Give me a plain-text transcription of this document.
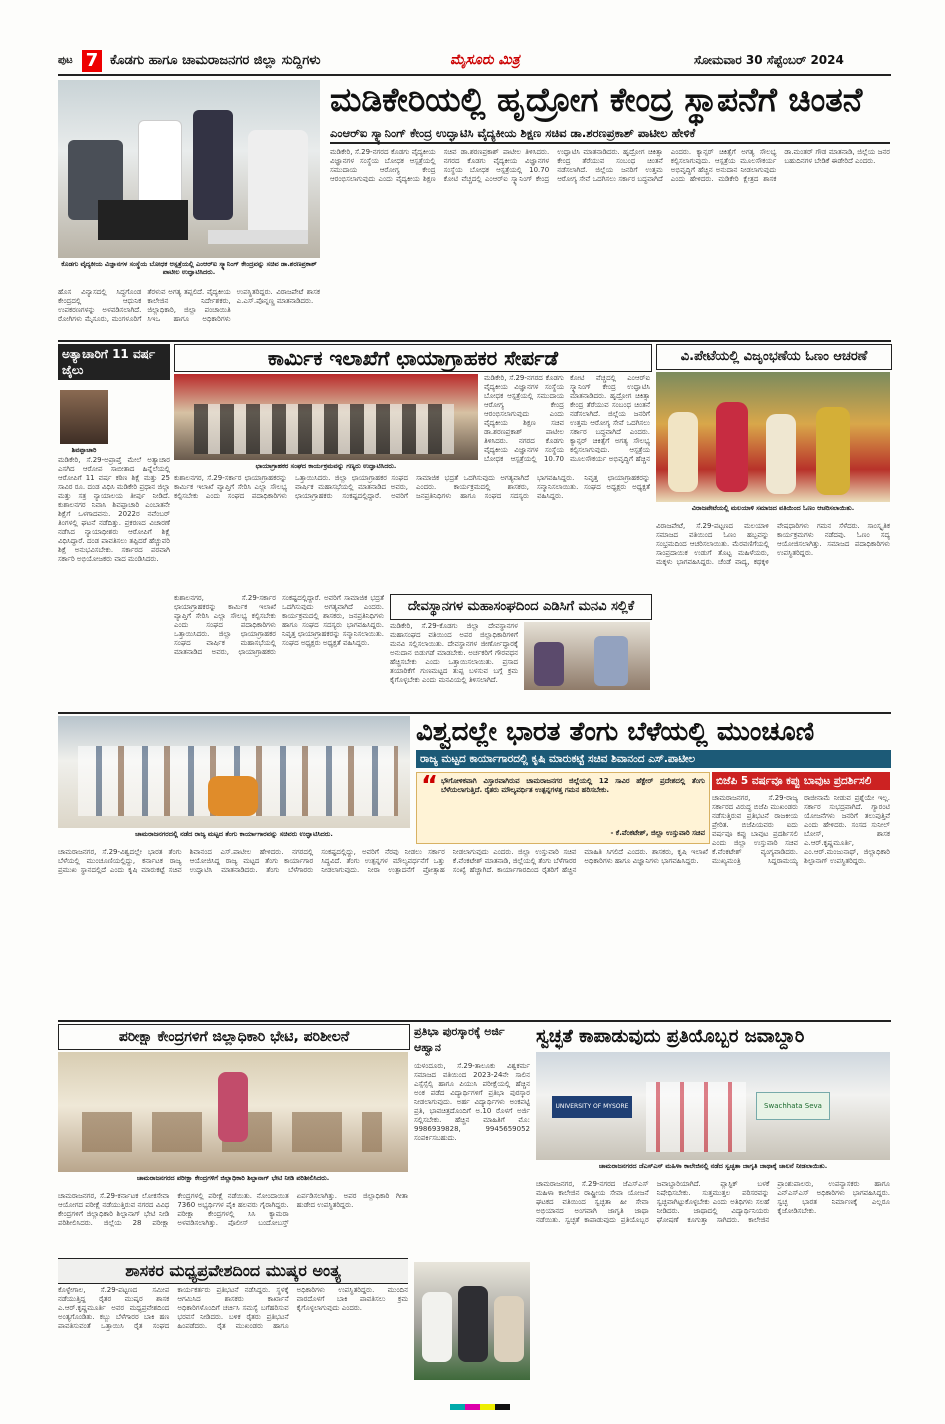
ಪುಟ 7 ಕೊಡಗು ಹಾಗೂ ಚಾಮರಾಜನಗರ ಜಿಲ್ಲಾ ಸುದ್ದಿಗಳು	ಮೈಸೂರು ಮಿತ್ರ	ಸೋಮವಾರ 30 ಸೆಪ್ಟೆಂಬರ್ 2024
ಕೊಡಗು ವೈದ್ಯಕೀಯ ವಿಜ್ಞಾನಗಳ ಸಂಸ್ಥೆಯ ಬೋಧಕ ಆಸ್ಪತ್ರೆಯಲ್ಲಿ ಎಂಆರ್‌ಐ ಸ್ಕ್ಯಾನಿಂಗ್ ಕೇಂದ್ರವನ್ನು ಸಚಿವ ಡಾ.ಶರಣಪ್ರಕಾಶ್ ಪಾಟೀಲ ಉದ್ಘಾಟಿಸಿದರು.
ಮಡಿಕೇರಿಯಲ್ಲಿ ಹೃದ್ರೋಗ ಕೇಂದ್ರ ಸ್ಥಾಪನೆಗೆ ಚಿಂತನೆ
ಎಂಆರ್‌ಐ ಸ್ಕ್ಯಾನಿಂಗ್ ಕೇಂದ್ರ ಉದ್ಘಾಟಿಸಿ ವೈದ್ಯಕೀಯ ಶಿಕ್ಷಣ ಸಚಿವ ಡಾ.ಶರಣಪ್ರಕಾಶ್ ಪಾಟೀಲ ಹೇಳಿಕೆ
ಮಡಿಕೇರಿ, ಸೆ.29-ನಗರದ ಕೊಡಗು ವೈದ್ಯಕೀಯ ವಿಜ್ಞಾನಗಳ ಸಂಸ್ಥೆಯ ಬೋಧಕ ಆಸ್ಪತ್ರೆಯಲ್ಲಿ ಸಮುದಾಯ ಆರೋಗ್ಯ ಕೇಂದ್ರ ಆರಂಭಿಸಲಾಗುವುದು ಎಂದು ವೈದ್ಯಕೀಯ ಶಿಕ್ಷಣ ಸಚಿವ ಡಾ.ಶರಣಪ್ರಕಾಶ್ ಪಾಟೀಲ ತಿಳಿಸಿದರು. ನಗರದ ಕೊಡಗು ವೈದ್ಯಕೀಯ ವಿಜ್ಞಾನಗಳ ಸಂಸ್ಥೆಯ ಬೋಧಕ ಆಸ್ಪತ್ರೆಯಲ್ಲಿ 10.70 ಕೋಟಿ ವೆಚ್ಚದಲ್ಲಿ ಎಂಆರ್‌ಐ ಸ್ಕ್ಯಾನಿಂಗ್ ಕೇಂದ್ರ ಉದ್ಘಾಟಿಸಿ ಮಾತನಾಡಿದರು. ಹೃದ್ರೋಗ ಚಿಕಿತ್ಸಾ ಕೇಂದ್ರ ತೆರೆಯುವ ಸಂಬಂಧ ಚಿಂತನೆ ನಡೆಸಲಾಗಿದೆ. ಜಿಲ್ಲೆಯ ಜನರಿಗೆ ಉತ್ತಮ ಆರೋಗ್ಯ ಸೇವೆ ಒದಗಿಸಲು ಸರ್ಕಾರ ಬದ್ಧವಾಗಿದೆ ಎಂದರು. ಕ್ಯಾನ್ಸರ್ ಚಿಕಿತ್ಸೆಗೆ ಅಗತ್ಯ ಸೌಲಭ್ಯ ಕಲ್ಪಿಸಲಾಗುವುದು. ಆಸ್ಪತ್ರೆಯ ಮೂಲಸೌಕರ್ಯ ಅಭಿವೃದ್ಧಿಗೆ ಹೆಚ್ಚಿನ ಅನುದಾನ ನೀಡಲಾಗುವುದು ಎಂದು ಹೇಳಿದರು. ಮಡಿಕೇರಿ ಕ್ಷೇತ್ರದ ಶಾಸಕ ಡಾ.ಮಂತರ್ ಗೌಡ ಮಾತನಾಡಿ, ಜಿಲ್ಲೆಯ ಜನರ ಬಹುದಿನಗಳ ಬೇಡಿಕೆ ಈಡೇರಿದೆ ಎಂದರು.
ಹೊಸ ವಿನ್ಯಾಸದಲ್ಲಿ ಸಿದ್ಧಗೊಂಡ ಕೇಂದ್ರದಲ್ಲಿ ಆಧುನಿಕ ಉಪಕರಣಗಳನ್ನು ಅಳವಡಿಸಲಾಗಿದೆ. ರೋಗಿಗಳು ಮೈಸೂರು, ಮಂಗಳೂರಿಗೆ ತೆರಳುವ ಅಗತ್ಯ ತಪ್ಪಲಿದೆ. ವೈದ್ಯಕೀಯ ಕಾಲೇಜಿನ ನಿರ್ದೇಶಕರು, ಜಿಲ್ಲಾಧಿಕಾರಿ, ಜಿಲ್ಲಾ ಪಂಚಾಯಿತಿ ಸಿಇಒ ಹಾಗೂ ಅಧಿಕಾರಿಗಳು ಉಪಸ್ಥಿತರಿದ್ದರು. ವಿರಾಜಪೇಟೆ ಶಾಸಕ ಎ.ಎಸ್.ಪೊನ್ನಣ್ಣ ಮಾತನಾಡಿದರು.
ಅತ್ಯಾಚಾರಿಗೆ 11 ವರ್ಷ ಜೈಲು
ಶಿವಪ್ಪಾಚಾರಿ
ಮಡಿಕೇರಿ, ಸೆ.29-ಅಪ್ರಾಪ್ತೆ ಮೇಲೆ ಅತ್ಯಾಚಾರ ಎಸಗಿದ ಆರೋಪ ಸಾಬೀತಾದ ಹಿನ್ನೆಲೆಯಲ್ಲಿ ಆರೋಪಿಗೆ 11 ವರ್ಷ ಕಠಿಣ ಶಿಕ್ಷೆ ಮತ್ತು 25 ಸಾವಿರ ರೂ. ದಂಡ ವಿಧಿಸಿ ಮಡಿಕೇರಿ ಪ್ರಧಾನ ಜಿಲ್ಲಾ ಮತ್ತು ಸತ್ರ ನ್ಯಾಯಾಲಯ ತೀರ್ಪು ನೀಡಿದೆ. ಕುಶಾಲನಗರ ನಿವಾಸಿ ಶಿವಪ್ಪಾಚಾರಿ ಎಂಬಾತನೇ ಶಿಕ್ಷೆಗೆ ಒಳಗಾದವನು. 2022ರ ನವೆಂಬರ್ ತಿಂಗಳಲ್ಲಿ ಘಟನೆ ನಡೆದಿತ್ತು. ಪ್ರಕರಣದ ವಿಚಾರಣೆ ನಡೆಸಿದ ನ್ಯಾಯಾಧೀಶರು ಆರೋಪಿಗೆ ಶಿಕ್ಷೆ ವಿಧಿಸಿದ್ದಾರೆ. ದಂಡ ಪಾವತಿಸಲು ತಪ್ಪಿದರೆ ಹೆಚ್ಚುವರಿ ಶಿಕ್ಷೆ ಅನುಭವಿಸಬೇಕು. ಸರ್ಕಾರದ ಪರವಾಗಿ ಸರ್ಕಾರಿ ಅಭಿಯೋಜಕರು ವಾದ ಮಂಡಿಸಿದರು.
ಕಾರ್ಮಿಕ ಇಲಾಖೆಗೆ ಛಾಯಾಗ್ರಾಹಕರ ಸೇರ್ಪಡೆ
ಛಾಯಾಗ್ರಾಹಕರ ಸಂಘದ ಕಾರ್ಯಕ್ರಮವನ್ನು ಗಣ್ಯರು ಉದ್ಘಾಟಿಸಿದರು.
ಕುಶಾಲನಗರ, ಸೆ.29-ಸರ್ಕಾರ ಛಾಯಾಗ್ರಾಹಕರನ್ನು ಕಾರ್ಮಿಕ ಇಲಾಖೆ ವ್ಯಾಪ್ತಿಗೆ ಸೇರಿಸಿ ಎಲ್ಲಾ ಸೌಲಭ್ಯ ಕಲ್ಪಿಸಬೇಕು ಎಂದು ಸಂಘದ ಪದಾಧಿಕಾರಿಗಳು ಒತ್ತಾಯಿಸಿದರು. ಜಿಲ್ಲಾ ಛಾಯಾಗ್ರಾಹಕರ ಸಂಘದ ವಾರ್ಷಿಕ ಮಹಾಸಭೆಯಲ್ಲಿ ಮಾತನಾಡಿದ ಅವರು, ಛಾಯಾಗ್ರಾಹಕರು ಸಂಕಷ್ಟದಲ್ಲಿದ್ದಾರೆ. ಅವರಿಗೆ ಸಾಮಾಜಿಕ ಭದ್ರತೆ ಒದಗಿಸುವುದು ಅಗತ್ಯವಾಗಿದೆ ಎಂದರು. ಕಾರ್ಯಕ್ರಮದಲ್ಲಿ ಶಾಸಕರು, ಜನಪ್ರತಿನಿಧಿಗಳು ಹಾಗೂ ಸಂಘದ ಸದಸ್ಯರು ಭಾಗವಹಿಸಿದ್ದರು. ನಿವೃತ್ತ ಛಾಯಾಗ್ರಾಹಕರನ್ನು ಸನ್ಮಾನಿಸಲಾಯಿತು. ಸಂಘದ ಅಧ್ಯಕ್ಷರು ಅಧ್ಯಕ್ಷತೆ ವಹಿಸಿದ್ದರು.
ಮಡಿಕೇರಿ, ಸೆ.29-ನಗರದ ಕೊಡಗು ವೈದ್ಯಕೀಯ ವಿಜ್ಞಾನಗಳ ಸಂಸ್ಥೆಯ ಬೋಧಕ ಆಸ್ಪತ್ರೆಯಲ್ಲಿ ಸಮುದಾಯ ಆರೋಗ್ಯ ಕೇಂದ್ರ ಆರಂಭಿಸಲಾಗುವುದು ಎಂದು ವೈದ್ಯಕೀಯ ಶಿಕ್ಷಣ ಸಚಿವ ಡಾ.ಶರಣಪ್ರಕಾಶ್ ಪಾಟೀಲ ತಿಳಿಸಿದರು. ನಗರದ ಕೊಡಗು ವೈದ್ಯಕೀಯ ವಿಜ್ಞಾನಗಳ ಸಂಸ್ಥೆಯ ಬೋಧಕ ಆಸ್ಪತ್ರೆಯಲ್ಲಿ 10.70 ಕೋಟಿ ವೆಚ್ಚದಲ್ಲಿ ಎಂಆರ್‌ಐ ಸ್ಕ್ಯಾನಿಂಗ್ ಕೇಂದ್ರ ಉದ್ಘಾಟಿಸಿ ಮಾತನಾಡಿದರು. ಹೃದ್ರೋಗ ಚಿಕಿತ್ಸಾ ಕೇಂದ್ರ ತೆರೆಯುವ ಸಂಬಂಧ ಚಿಂತನೆ ನಡೆಸಲಾಗಿದೆ. ಜಿಲ್ಲೆಯ ಜನರಿಗೆ ಉತ್ತಮ ಆರೋಗ್ಯ ಸೇವೆ ಒದಗಿಸಲು ಸರ್ಕಾರ ಬದ್ಧವಾಗಿದೆ ಎಂದರು. ಕ್ಯಾನ್ಸರ್ ಚಿಕಿತ್ಸೆಗೆ ಅಗತ್ಯ ಸೌಲಭ್ಯ ಕಲ್ಪಿಸಲಾಗುವುದು. ಆಸ್ಪತ್ರೆಯ ಮೂಲಸೌಕರ್ಯ ಅಭಿವೃದ್ಧಿಗೆ ಹೆಚ್ಚಿನ
ವಿ.ಪೇಟೆಯಲ್ಲಿ ವಿಜೃಂಭಣೆಯ ಓಣಂ ಆಚರಣೆ
ವಿರಾಜಪೇಟೆಯಲ್ಲಿ ಮಲಯಾಳಿ ಸಮಾಜದ ವತಿಯಿಂದ ಓಣಂ ಆಚರಿಸಲಾಯಿತು.
ವಿರಾಜಪೇಟೆ, ಸೆ.29-ಪಟ್ಟಣದ ಮಲಯಾಳಿ ಸಮಾಜದ ವತಿಯಿಂದ ಓಣಂ ಹಬ್ಬವನ್ನು ಸಂಭ್ರಮದಿಂದ ಆಚರಿಸಲಾಯಿತು. ಮೆರವಣಿಗೆಯಲ್ಲಿ ಸಾಂಪ್ರದಾಯಿಕ ಉಡುಗೆ ತೊಟ್ಟ ಮಹಿಳೆಯರು, ಮಕ್ಕಳು ಭಾಗವಹಿಸಿದ್ದರು. ಚೆಂಡೆ ವಾದ್ಯ, ಕಥಕ್ಕಳಿ ವೇಷಧಾರಿಗಳು ಗಮನ ಸೆಳೆದರು. ಸಾಂಸ್ಕೃತಿಕ ಕಾರ್ಯಕ್ರಮಗಳು ನಡೆದವು. ಓಣಂ ಸದ್ಯ ಆಯೋಜಿಸಲಾಗಿತ್ತು. ಸಮಾಜದ ಪದಾಧಿಕಾರಿಗಳು ಉಪಸ್ಥಿತರಿದ್ದರು.
ದೇವಸ್ಥಾನಗಳ ಮಹಾಸಂಘದಿಂದ ಎಡಿಸಿಗೆ ಮನವಿ ಸಲ್ಲಿಕೆ
ಮಡಿಕೇರಿ, ಸೆ.29-ಕೊಡಗು ಜಿಲ್ಲಾ ದೇವಸ್ಥಾನಗಳ ಮಹಾಸಂಘದ ವತಿಯಿಂದ ಅಪರ ಜಿಲ್ಲಾಧಿಕಾರಿಗಳಿಗೆ ಮನವಿ ಸಲ್ಲಿಸಲಾಯಿತು. ದೇವಸ್ಥಾನಗಳ ಜೀರ್ಣೋದ್ಧಾರಕ್ಕೆ ಅನುದಾನ ಬಿಡುಗಡೆ ಮಾಡಬೇಕು. ಅರ್ಚಕರಿಗೆ ಗೌರವಧನ ಹೆಚ್ಚಿಸಬೇಕು ಎಂದು ಒತ್ತಾಯಿಸಲಾಯಿತು. ಪ್ರಸಾದ ತಯಾರಿಕೆಗೆ ಗುಣಮಟ್ಟದ ತುಪ್ಪ ಬಳಸುವ ಬಗ್ಗೆ ಕ್ರಮ ಕೈಗೊಳ್ಳಬೇಕು ಎಂದು ಮನವಿಯಲ್ಲಿ ತಿಳಿಸಲಾಗಿದೆ.
ಕುಶಾಲನಗರ, ಸೆ.29-ಸರ್ಕಾರ ಛಾಯಾಗ್ರಾಹಕರನ್ನು ಕಾರ್ಮಿಕ ಇಲಾಖೆ ವ್ಯಾಪ್ತಿಗೆ ಸೇರಿಸಿ ಎಲ್ಲಾ ಸೌಲಭ್ಯ ಕಲ್ಪಿಸಬೇಕು ಎಂದು ಸಂಘದ ಪದಾಧಿಕಾರಿಗಳು ಒತ್ತಾಯಿಸಿದರು. ಜಿಲ್ಲಾ ಛಾಯಾಗ್ರಾಹಕರ ಸಂಘದ ವಾರ್ಷಿಕ ಮಹಾಸಭೆಯಲ್ಲಿ ಮಾತನಾಡಿದ ಅವರು, ಛಾಯಾಗ್ರಾಹಕರು ಸಂಕಷ್ಟದಲ್ಲಿದ್ದಾರೆ. ಅವರಿಗೆ ಸಾಮಾಜಿಕ ಭದ್ರತೆ ಒದಗಿಸುವುದು ಅಗತ್ಯವಾಗಿದೆ ಎಂದರು. ಕಾರ್ಯಕ್ರಮದಲ್ಲಿ ಶಾಸಕರು, ಜನಪ್ರತಿನಿಧಿಗಳು ಹಾಗೂ ಸಂಘದ ಸದಸ್ಯರು ಭಾಗವಹಿಸಿದ್ದರು. ನಿವೃತ್ತ ಛಾಯಾಗ್ರಾಹಕರನ್ನು ಸನ್ಮಾನಿಸಲಾಯಿತು. ಸಂಘದ ಅಧ್ಯಕ್ಷರು ಅಧ್ಯಕ್ಷತೆ ವಹಿಸಿದ್ದರು.
ಚಾಮರಾಜನಗರದಲ್ಲಿ ನಡೆದ ರಾಜ್ಯ ಮಟ್ಟದ ತೆಂಗು ಕಾರ್ಯಾಗಾರವನ್ನು ಸಚಿವರು ಉದ್ಘಾಟಿಸಿದರು.
ವಿಶ್ವದಲ್ಲೇ ಭಾರತ ತೆಂಗು ಬೆಳೆಯಲ್ಲಿ ಮುಂಚೂಣಿ
ರಾಜ್ಯ ಮಟ್ಟದ ಕಾರ್ಯಾಗಾರದಲ್ಲಿ ಕೃಷಿ ಮಾರುಕಟ್ಟೆ ಸಚಿವ ಶಿವಾನಂದ ಎಸ್.ಪಾಟೀಲ
“ ಭೌಗೋಳಿಕವಾಗಿ ವಿಸ್ತಾರವಾಗಿರುವ ಚಾಮರಾಜನಗರ ಜಿಲ್ಲೆಯಲ್ಲಿ 12 ಸಾವಿರ ಹೆಕ್ಟೇರ್ ಪ್ರದೇಶದಲ್ಲಿ ತೆಂಗು ಬೆಳೆಯಲಾಗುತ್ತಿದೆ. ರೈತರು ಮೌಲ್ಯವರ್ಧಿತ ಉತ್ಪನ್ನಗಳತ್ತ ಗಮನ ಹರಿಸಬೇಕು.
- ಕೆ.ವೆಂಕಟೇಶ್, ಜಿಲ್ಲಾ ಉಸ್ತುವಾರಿ ಸಚಿವ
ಚಾಮರಾಜನಗರ, ಸೆ.29-ವಿಶ್ವದಲ್ಲೇ ಭಾರತ ತೆಂಗು ಬೆಳೆಯಲ್ಲಿ ಮುಂಚೂಣಿಯಲ್ಲಿದ್ದು, ಕರ್ನಾಟಕ ರಾಜ್ಯ ಪ್ರಮುಖ ಸ್ಥಾನದಲ್ಲಿದೆ ಎಂದು ಕೃಷಿ ಮಾರುಕಟ್ಟೆ ಸಚಿವ ಶಿವಾನಂದ ಎಸ್.ಪಾಟೀಲ ಹೇಳಿದರು. ನಗರದಲ್ಲಿ ಆಯೋಜಿಸಿದ್ದ ರಾಜ್ಯ ಮಟ್ಟದ ತೆಂಗು ಕಾರ್ಯಾಗಾರ ಉದ್ಘಾಟಿಸಿ ಮಾತನಾಡಿದರು. ತೆಂಗು ಬೆಳೆಗಾರರು ಸಂಕಷ್ಟದಲ್ಲಿದ್ದು, ಅವರಿಗೆ ನೆರವು ನೀಡಲು ಸರ್ಕಾರ ಸಿದ್ಧವಿದೆ. ತೆಂಗು ಉತ್ಪನ್ನಗಳ ಮೌಲ್ಯವರ್ಧನೆಗೆ ಒತ್ತು ನೀಡಲಾಗುವುದು. ನೀರಾ ಉತ್ಪಾದನೆಗೆ ಪ್ರೋತ್ಸಾಹ ನೀಡಲಾಗುವುದು ಎಂದರು. ಜಿಲ್ಲಾ ಉಸ್ತುವಾರಿ ಸಚಿವ ಕೆ.ವೆಂಕಟೇಶ್ ಮಾತನಾಡಿ, ಜಿಲ್ಲೆಯಲ್ಲಿ ತೆಂಗು ಬೆಳೆಗಾರರ ಸಂಖ್ಯೆ ಹೆಚ್ಚಾಗಿದೆ. ಕಾರ್ಯಾಗಾರದಿಂದ ರೈತರಿಗೆ ಹೆಚ್ಚಿನ ಮಾಹಿತಿ ಸಿಗಲಿದೆ ಎಂದರು. ಶಾಸಕರು, ಕೃಷಿ ಇಲಾಖೆ ಅಧಿಕಾರಿಗಳು ಹಾಗೂ ವಿಜ್ಞಾನಿಗಳು ಭಾಗವಹಿಸಿದ್ದರು.
ಬಿಜೆಪಿ 5 ವರ್ಷವೂ ಕಪ್ಪು ಬಾವುಟ ಪ್ರದರ್ಶಿಸಲಿ
ಚಾಮರಾಜನಗರ, ಸೆ.29-ರಾಜ್ಯ ಸರ್ಕಾರದ ವಿರುದ್ಧ ಬಿಜೆಪಿ ಮುಖಂಡರು ನಡೆಸುತ್ತಿರುವ ಪ್ರತಿಭಟನೆ ರಾಜಕೀಯ ಪ್ರೇರಿತ. ಬಿಜೆಪಿಯವರು ಐದು ವರ್ಷವೂ ಕಪ್ಪು ಬಾವುಟ ಪ್ರದರ್ಶಿಸಲಿ ಎಂದು ಜಿಲ್ಲಾ ಉಸ್ತುವಾರಿ ಸಚಿವ ಕೆ.ವೆಂಕಟೇಶ್ ವ್ಯಂಗ್ಯವಾಡಿದರು. ಮುಖ್ಯಮಂತ್ರಿ ಸಿದ್ದರಾಮಯ್ಯ ರಾಜೀನಾಮೆ ನೀಡುವ ಪ್ರಶ್ನೆಯೇ ಇಲ್ಲ. ಸರ್ಕಾರ ಸುಭದ್ರವಾಗಿದೆ. ಗ್ಯಾರಂಟಿ ಯೋಜನೆಗಳು ಜನರಿಗೆ ತಲುಪುತ್ತಿವೆ ಎಂದು ಹೇಳಿದರು. ಸಂಸದ ಸುನೀಲ್ ಬೋಸ್, ಶಾಸಕ ಎ.ಆರ್.ಕೃಷ್ಣಮೂರ್ತಿ, ಎಂ.ಆರ್.ಮಂಜುನಾಥ್, ಜಿಲ್ಲಾಧಿಕಾರಿ ಶಿಲ್ಪಾನಾಗ್ ಉಪಸ್ಥಿತರಿದ್ದರು.
ಪರೀಕ್ಷಾ ಕೇಂದ್ರಗಳಿಗೆ ಜಿಲ್ಲಾಧಿಕಾರಿ ಭೇಟಿ, ಪರಿಶೀಲನೆ
ಚಾಮರಾಜನಗರದ ಪರೀಕ್ಷಾ ಕೇಂದ್ರಗಳಿಗೆ ಜಿಲ್ಲಾಧಿಕಾರಿ ಶಿಲ್ಪಾನಾಗ್ ಭೇಟಿ ನೀಡಿ ಪರಿಶೀಲಿಸಿದರು.
ಚಾಮರಾಜನಗರ, ಸೆ.29-ಕರ್ನಾಟಕ ಲೋಕಸೇವಾ ಆಯೋಗದ ಪರೀಕ್ಷೆ ನಡೆಯುತ್ತಿರುವ ನಗರದ ವಿವಿಧ ಕೇಂದ್ರಗಳಿಗೆ ಜಿಲ್ಲಾಧಿಕಾರಿ ಶಿಲ್ಪಾನಾಗ್ ಭೇಟಿ ನೀಡಿ ಪರಿಶೀಲಿಸಿದರು. ಜಿಲ್ಲೆಯ 28 ಪರೀಕ್ಷಾ ಕೇಂದ್ರಗಳಲ್ಲಿ ಪರೀಕ್ಷೆ ನಡೆಯಿತು. ನೋಂದಾಯಿತ 7360 ಅಭ್ಯರ್ಥಿಗಳ ಪೈಕಿ ಹಲವರು ಗೈರಾಗಿದ್ದರು. ಪರೀಕ್ಷಾ ಕೇಂದ್ರಗಳಲ್ಲಿ ಸಿಸಿ ಕ್ಯಾಮರಾ ಅಳವಡಿಸಲಾಗಿತ್ತು. ಪೊಲೀಸ್ ಬಂದೋಬಸ್ತ್ ಏರ್ಪಡಿಸಲಾಗಿತ್ತು. ಅಪರ ಜಿಲ್ಲಾಧಿಕಾರಿ ಗೀತಾ ಹುಡೇದ ಉಪಸ್ಥಿತರಿದ್ದರು.
ಪ್ರತಿಭಾ ಪುರಸ್ಕಾರಕ್ಕೆ ಅರ್ಜಿ ಆಹ್ವಾನ
ಯಳಂದೂರು, ಸೆ.29-ತಾಲೂಕು ವಿಶ್ವಕರ್ಮ ಸಮಾಜದ ವತಿಯಿಂದ 2023-24ನೇ ಸಾಲಿನ ಎಸ್ಸೆಸ್ಸೆಲ್ಸಿ ಹಾಗೂ ಪಿಯುಸಿ ಪರೀಕ್ಷೆಯಲ್ಲಿ ಹೆಚ್ಚಿನ ಅಂಕ ಪಡೆದ ವಿದ್ಯಾರ್ಥಿಗಳಿಗೆ ಪ್ರತಿಭಾ ಪುರಸ್ಕಾರ ನೀಡಲಾಗುವುದು. ಅರ್ಹ ವಿದ್ಯಾರ್ಥಿಗಳು ಅಂಕಪಟ್ಟಿ ಪ್ರತಿ, ಭಾವಚಿತ್ರದೊಂದಿಗೆ ಅ.10 ರೊಳಗೆ ಅರ್ಜಿ ಸಲ್ಲಿಸಬೇಕು. ಹೆಚ್ಚಿನ ಮಾಹಿತಿಗೆ ಮೊ: 9986939828, 9945659052 ಸಂಪರ್ಕಿಸಬಹುದು.
ಸ್ವಚ್ಛತೆ ಕಾಪಾಡುವುದು ಪ್ರತಿಯೊಬ್ಬರ ಜವಾಬ್ದಾರಿ
UNIVERSITY OF MYSORE	Swachhata Seva
ಚಾಮರಾಜನಗರದ ಜೆಎಸ್‌ಎಸ್ ಮಹಿಳಾ ಕಾಲೇಜಿನಲ್ಲಿ ನಡೆದ ಸ್ವಚ್ಛತಾ ಜಾಗೃತಿ ಜಾಥಾಕ್ಕೆ ಚಾಲನೆ ನೀಡಲಾಯಿತು.
ಚಾಮರಾಜನಗರ, ಸೆ.29-ನಗರದ ಜೆಎಸ್‌ಎಸ್ ಮಹಿಳಾ ಕಾಲೇಜಿನ ರಾಷ್ಟ್ರೀಯ ಸೇವಾ ಯೋಜನೆ ಘಟಕದ ವತಿಯಿಂದ ಸ್ವಚ್ಛತಾ ಹೀ ಸೇವಾ ಅಭಿಯಾನದ ಅಂಗವಾಗಿ ಜಾಗೃತಿ ಜಾಥಾ ನಡೆಯಿತು. ಸ್ವಚ್ಛತೆ ಕಾಪಾಡುವುದು ಪ್ರತಿಯೊಬ್ಬರ ಜವಾಬ್ದಾರಿಯಾಗಿದೆ. ಪ್ಲಾಸ್ಟಿಕ್ ಬಳಕೆ ನಿಷೇಧಿಸಬೇಕು. ಸುತ್ತಮುತ್ತಲ ಪರಿಸರವನ್ನು ಸ್ವಚ್ಛವಾಗಿಟ್ಟುಕೊಳ್ಳಬೇಕು ಎಂದು ಅತಿಥಿಗಳು ಸಲಹೆ ನೀಡಿದರು. ಜಾಥಾದಲ್ಲಿ ವಿದ್ಯಾರ್ಥಿನಿಯರು ಘೋಷಣೆ ಕೂಗುತ್ತಾ ಸಾಗಿದರು. ಕಾಲೇಜಿನ ಪ್ರಾಂಶುಪಾಲರು, ಉಪನ್ಯಾಸಕರು ಹಾಗೂ ಎನ್‌ಎಸ್‌ಎಸ್ ಅಧಿಕಾರಿಗಳು ಭಾಗವಹಿಸಿದ್ದರು. ಸ್ವಚ್ಛ ಭಾರತ ನಿರ್ಮಾಣಕ್ಕೆ ಎಲ್ಲರೂ ಕೈಜೋಡಿಸಬೇಕು.
ಶಾಸಕರ ಮಧ್ಯಪ್ರವೇಶದಿಂದ ಮುಷ್ಕರ ಅಂತ್ಯ
ಕೊಳ್ಳೇಗಾಲ, ಸೆ.29-ಪಟ್ಟಣದ ಸಮೀಪ ನಡೆಯುತ್ತಿದ್ದ ರೈತರ ಮುಷ್ಕರ ಶಾಸಕ ಎ.ಆರ್.ಕೃಷ್ಣಮೂರ್ತಿ ಅವರ ಮಧ್ಯಪ್ರವೇಶದಿಂದ ಅಂತ್ಯಗೊಂಡಿತು. ಕಬ್ಬು ಬೆಳೆಗಾರರ ಬಾಕಿ ಹಣ ಪಾವತಿಸುವಂತೆ ಒತ್ತಾಯಿಸಿ ರೈತ ಸಂಘದ ಕಾರ್ಯಕರ್ತರು ಪ್ರತಿಭಟನೆ ನಡೆಸಿದ್ದರು. ಸ್ಥಳಕ್ಕೆ ಆಗಮಿಸಿದ ಶಾಸಕರು ಕಾರ್ಖಾನೆ ಅಧಿಕಾರಿಗಳೊಂದಿಗೆ ಚರ್ಚಿಸಿ ಸಮಸ್ಯೆ ಬಗೆಹರಿಸುವ ಭರವಸೆ ನೀಡಿದರು. ಬಳಿಕ ರೈತರು ಪ್ರತಿಭಟನೆ ಹಿಂಪಡೆದರು. ರೈತ ಮುಖಂಡರು ಹಾಗೂ ಅಧಿಕಾರಿಗಳು ಉಪಸ್ಥಿತರಿದ್ದರು. ಮುಂದಿನ ವಾರದೊಳಗೆ ಬಾಕಿ ಪಾವತಿಸಲು ಕ್ರಮ ಕೈಗೊಳ್ಳಲಾಗುವುದು ಎಂದರು.
